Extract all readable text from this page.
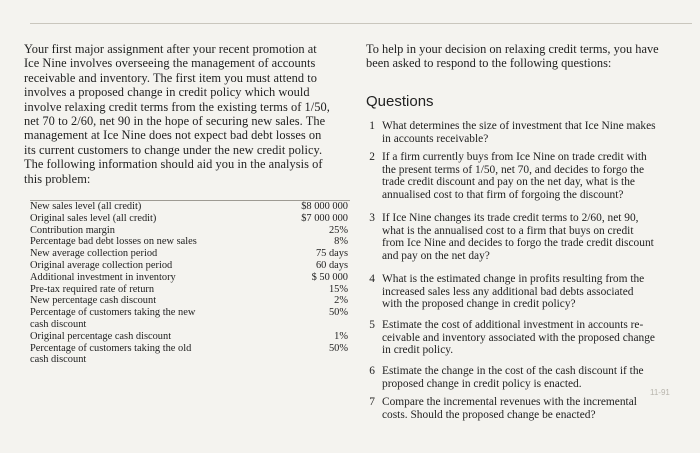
Your first major assignment after your recent promotion at
Ice Nine involves overseeing the management of accounts
receivable and inventory. The first item you must attend to
involves a proposed change in credit policy which would
involve relaxing credit terms from the existing terms of 1/50,
net 70 to 2/60, net 90 in the hope of securing new sales. The
management at Ice Nine does not expect bad debt losses on
its current customers to change under the new credit policy.
The following information should aid you in the analysis of
this problem:

New sales level (all credit)	$8 000 000
Original sales level (all credit)	$7 000 000
Contribution margin	25%
Percentage bad debt losses on new sales	8%
New average collection period	75 days
Original average collection period	60 days
Additional investment in inventory	$ 50 000
Pre-tax required rate of return	15%
New percentage cash discount	2%
Percentage of customers taking the new	50%
cash discount
Original percentage cash discount	1%
Percentage of customers taking the old	50%
cash discount

To help in your decision on relaxing credit terms, you have
been asked to respond to the following questions:

Questions
1 What determines the size of investment that Ice Nine makes
in accounts receivable?
2 If a firm currently buys from Ice Nine on trade credit with
the present terms of 1/50, net 70, and decides to forgo the
trade credit discount and pay on the net day, what is the
annualised cost to that firm of forgoing the discount?
3 If Ice Nine changes its trade credit terms to 2/60, net 90,
what is the annualised cost to a firm that buys on credit
from Ice Nine and decides to forgo the trade credit discount
and pay on the net day?
4 What is the estimated change in profits resulting from the
increased sales less any additional bad debts associated
with the proposed change in credit policy?
5 Estimate the cost of additional investment in accounts re-
ceivable and inventory associated with the proposed change
in credit policy.
6 Estimate the change in the cost of the cash discount if the
proposed change in credit policy is enacted.
7 Compare the incremental revenues with the incremental
costs. Should the proposed change be enacted?
11-91
